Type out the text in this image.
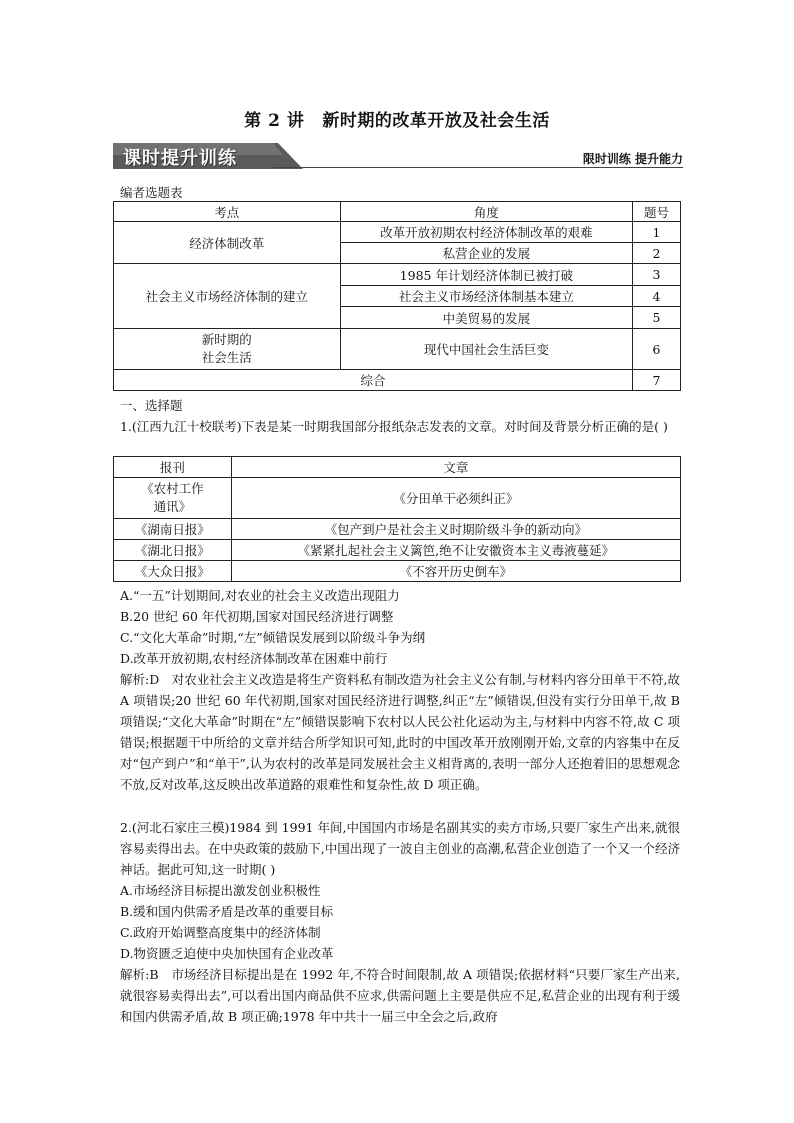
第 2 讲 新时期的改革开放及社会生活
课时提升训练	限时训练 提升能力
编者选题表
考点	角度	题号
经济体制改革	改革开放初期农村经济体制改革的艰难	1
	私营企业的发展	2
社会主义市场经济体制的建立	1985 年计划经济体制已被打破	3
	社会主义市场经济体制基本建立	4
	中美贸易的发展	5
新时期的
社会生活	现代中国社会生活巨变	6
综合		7
一、选择题
1.(江西九江十校联考)下表是某一时期我国部分报纸杂志发表的文章。对时间及背景分析正确的是( )
报刊	文章
《农村工作
通讯》	《分田单干必须纠正》
《湖南日报》	《包产到户是社会主义时期阶级斗争的新动向》
《湖北日报》	《紧紧扎起社会主义篱笆,绝不让安徽资本主义毒液蔓延》
《大众日报》	《不容开历史倒车》
A.“一五”计划期间,对农业的社会主义改造出现阻力
B.20 世纪 60 年代初期,国家对国民经济进行调整
C.“文化大革命”时期,“左”倾错误发展到以阶级斗争为纲
D.改革开放初期,农村经济体制改革在困难中前行
解析:D　对农业社会主义改造是将生产资料私有制改造为社会主义公有制,与材料内容分田单干不符,故 A 项错误;20 世纪 60 年代初期,国家对国民经济进行调整,纠正“左”倾错误,但没有实行分田单干,故 B 项错误;“文化大革命”时期在“左”倾错误影响下农村以人民公社化运动为主,与材料中内容不符,故 C 项错误;根据题干中所给的文章并结合所学知识可知,此时的中国改革开放刚刚开始,文章的内容集中在反对“包产到户”和“单干”,认为农村的改革是同发展社会主义相背离的,表明一部分人还抱着旧的思想观念不放,反对改革,这反映出改革道路的艰难性和复杂性,故 D 项正确。
2.(河北石家庄三模)1984 到 1991 年间,中国国内市场是名副其实的卖方市场,只要厂家生产出来,就很容易卖得出去。在中央政策的鼓励下,中国出现了一波自主创业的高潮,私营企业创造了一个又一个经济神话。据此可知,这一时期( )
A.市场经济目标提出激发创业积极性
B.缓和国内供需矛盾是改革的重要目标
C.政府开始调整高度集中的经济体制
D.物资匮乏迫使中央加快国有企业改革
解析:B　市场经济目标提出是在 1992 年,不符合时间限制,故 A 项错误;依据材料“只要厂家生产出来,就很容易卖得出去”,可以看出国内商品供不应求,供需问题上主要是供应不足,私营企业的出现有利于缓和国内供需矛盾,故 B 项正确;1978 年中共十一届三中全会之后,政府
